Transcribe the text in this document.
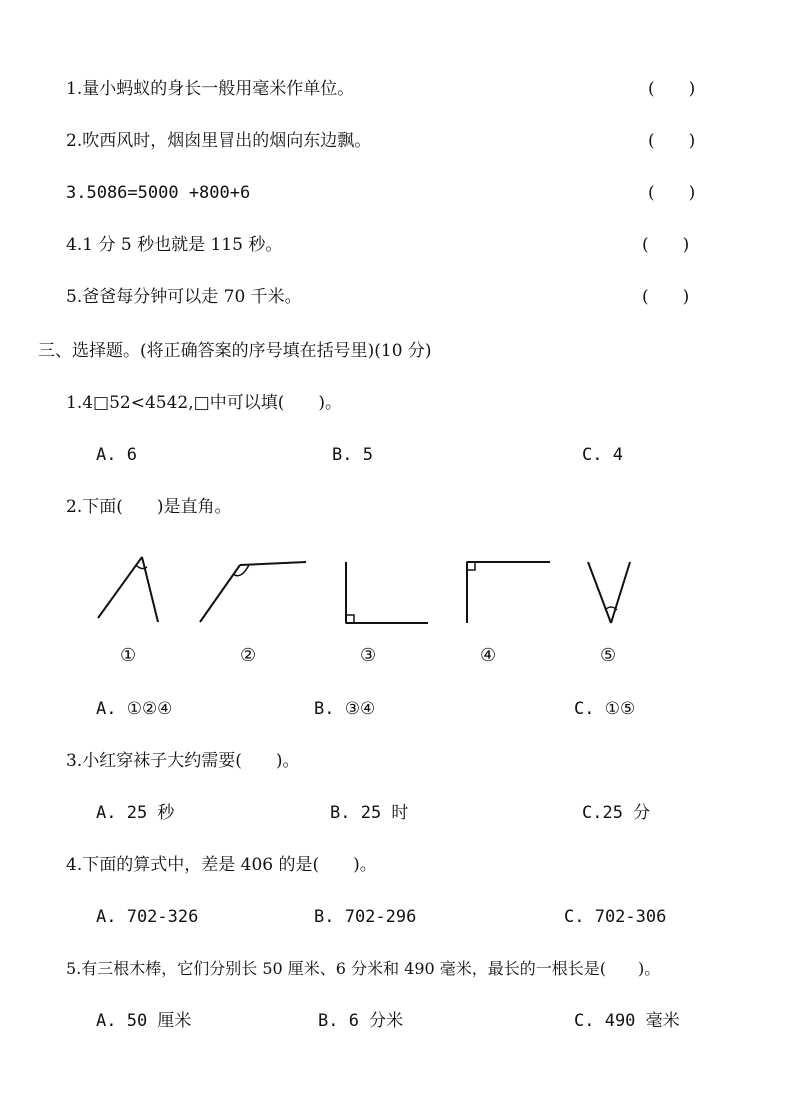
1.量小蚂蚁的身长一般用毫米作单位。	(　　)
2.吹西风时，烟囱里冒出的烟向东边飘。	(　　)
3.5086=5000 +800+6	(　　)
4.1 分 5 秒也就是 115 秒。	(　　)
5.爸爸每分钟可以走 70 千米。	(　　)
三、选择题。(将正确答案的序号填在括号里)(10 分)
1.4□52<4542,□中可以填(　　)。
A. 6	B. 5	C. 4
2.下面(　　)是直角。
①	②	③	④	⑤
A. ①②④	B. ③④	C. ①⑤
3.小红穿袜子大约需要(　　)。
A. 25 秒	B. 25 时	C.25 分
4.下面的算式中，差是 406 的是(　　)。
A. 702-326	B. 702-296	C. 702-306
5.有三根木棒，它们分别长 50 厘米、6 分米和 490 毫米，最长的一根长是(　　)。
A. 50 厘米	B. 6 分米	C. 490 毫米
